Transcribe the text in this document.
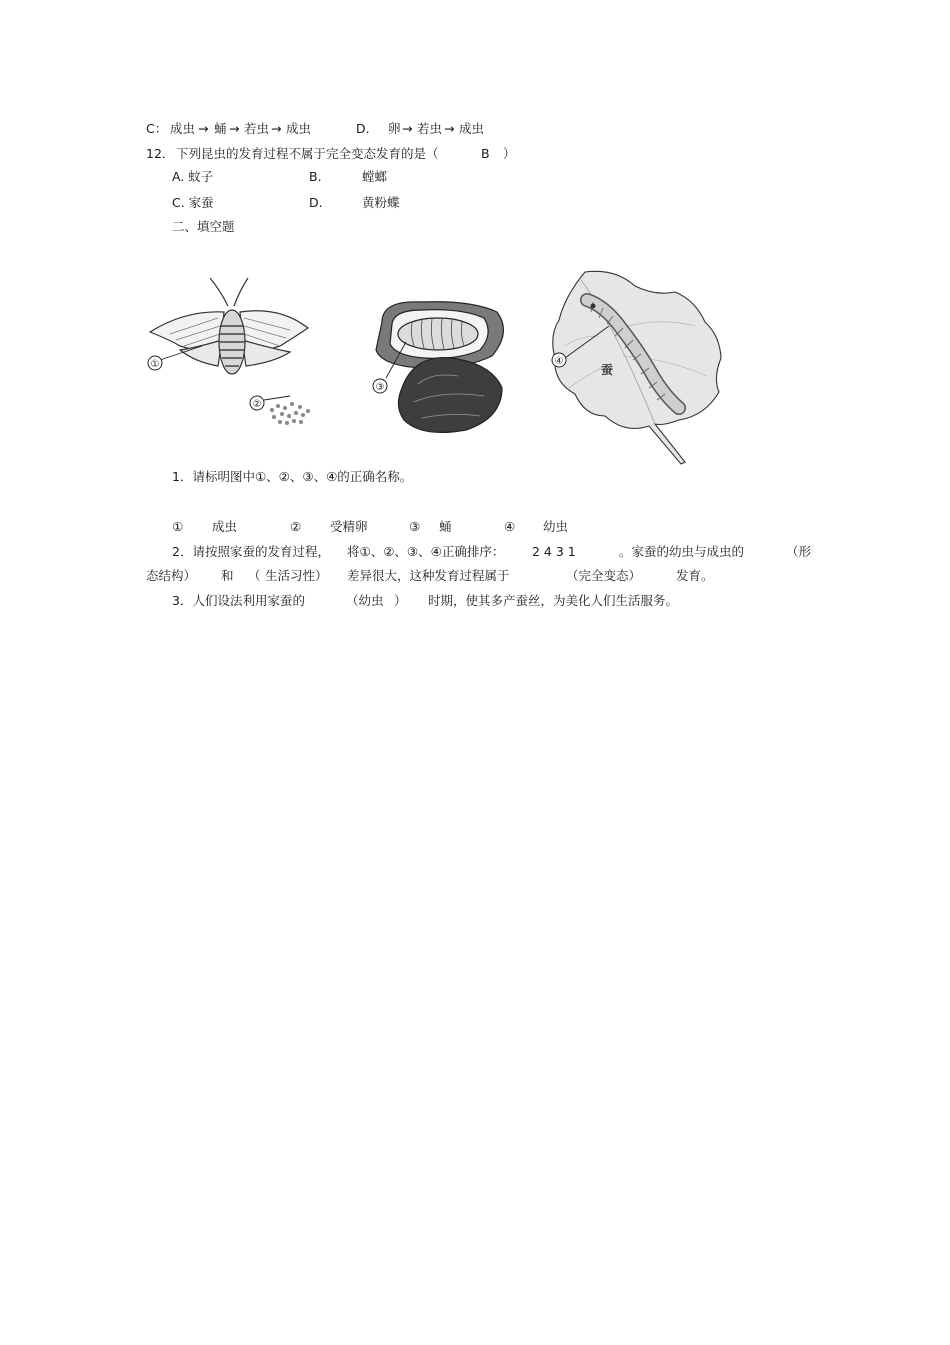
C： 成虫 → 蛹 → 若虫 → 成虫	D. 卵 → 若虫 → 成虫
12． 下列昆虫的发育过程不属于完全变态发育的是（	B ）
A. 蚊子	B.	螳螂
C. 家蚕	D.	黄粉蝶
二、填空题
①
②
③
④
蚕
1．请标明图中①、②、③、④的正确名称。
① 成虫	② 受精卵	③ 蛹	④ 幼虫
2．请按照家蚕的发育过程， 将①、②、③、④正确排序： 2 4 3 1	。家蚕的幼虫与成虫的	（形
态结构） 和 （ 生活习性） 差异很大，这种发育过程属于	（完全变态）	发育。
3．人们设法利用家蚕的	（幼虫 ） 时期，使其多产蚕丝，为美化人们生活服务。
